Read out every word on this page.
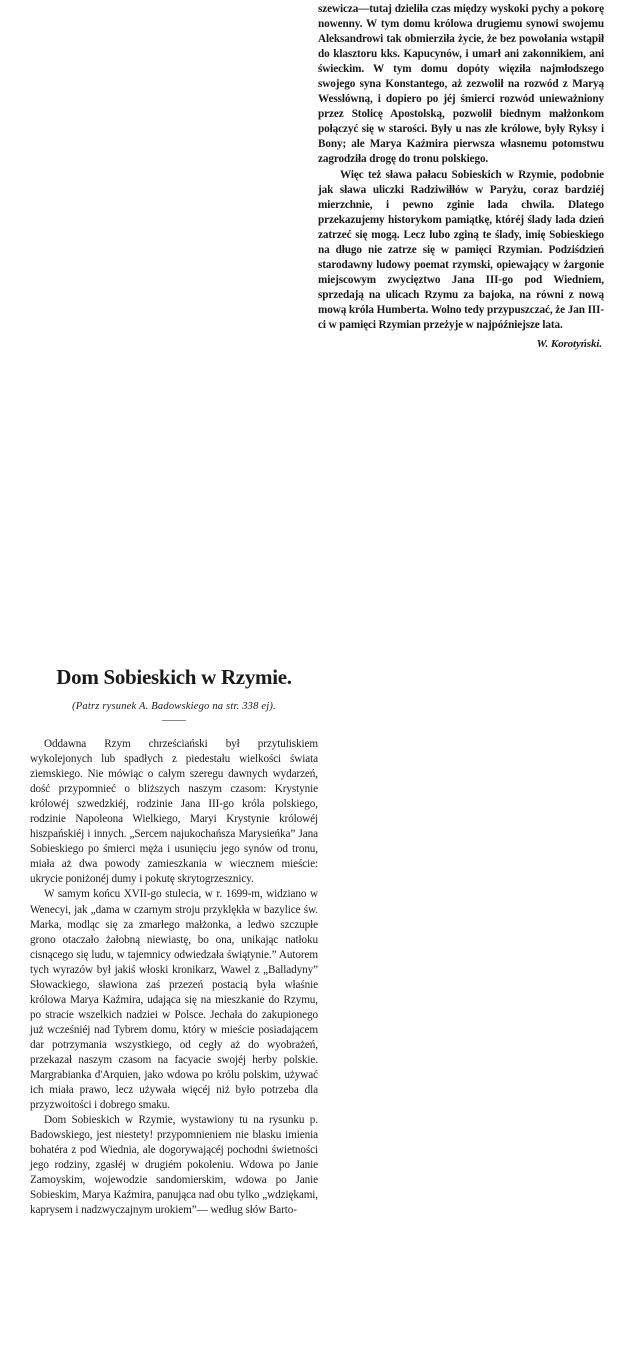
szewicza—tutaj dzieliła czas między wyskoki pychy a pokorę nowenny. W tym domu królowa drugiemu synowi swojemu Aleksandrowi tak obmierziła życie, że bez powołania wstąpił do klasztoru kks. Kapucynów, i umarł ani zakonnikiem, ani świeckim. W tym domu dopóty więziła najmłodszego swojego syna Konstantego, aż zezwolił na rozwód z Maryą Wesslówną, i dopiero po jéj śmierci rozwód unieważniony przez Stolicę Apostolską, pozwolił biednym małżonkom połączyć się w starości. Były u nas złe królowe, były Ryksy i Bony; ale Marya Kaźmira pierwsza własnemu potomstwu zagrodziła drogę do tronu polskiego.

Więc też sława pałacu Sobieskich w Rzymie, podobnie jak sława uliczki Radziwiłłów w Paryżu, coraz bardziéj mierzchnie, i pewno zginie lada chwila. Dlatego przekazujemy historykom pamiątkę, któréj ślady lada dzień zatrzeć się mogą. Lecz lubo zginą te ślady, imię Sobieskiego na długo nie zatrze się w pamięci Rzymian. Podziśdzień starodawny ludowy poemat rzymski, opiewający w żargonie miejscowym zwycięztwo Jana III-go pod Wiedniem, sprzedają na ulicach Rzymu za bajoka, na równi z nową mową króla Humberta. Wolno tedy przypuszczać, że Jan III-ci w pamięci Rzymian przeżyje w najpóźniejsze lata.

W. Korotyński.
Dom Sobieskich w Rzymie.
(Patrz rysunek A. Badowskiego na str. 338 ej).

Oddawna Rzym chrześciański był przytuliskiem wykolejonych lub spadłych z piedestału wielkości świata ziemskiego. Nie mówiąc o całym szeregu dawnych wydarzeń, dość przypomnieć o bliższych naszym czasom: Krystynie królowéj szwedzkiéj, rodzinie Jana III-go króla polskiego, rodzinie Napoleona Wielkiego, Maryi Krystynie królowéj hiszpańskiéj i innych. „Sercem najukochańsza Marysieńka” Jana Sobieskiego po śmierci męża i usunięciu jego synów od tronu, miała aż dwa powody zamieszkania w wiecznem mieście: ukrycie poniżonéj dumy i pokutę skrytogrzesznicy.

W samym końcu XVII-go stulecia, w r. 1699-m, widziano w Wenecyi, jak „dama w czarnym stroju przyklękła w bazylice św. Marka, modląc się za zmarłego małżonka, a ledwo szczupłe grono otaczało żałobną niewiastę, bo ona, unikając natłoku cisnącego się ludu, w tajemnicy odwiedzała świątynie.” Autorem tych wyrazów był jakiś włoski kronikarz, Wawel z „Balladyny” Słowackiego, sławiona zaś przezeń postacią była właśnie królowa Marya Kaźmira, udająca się na mieszkanie do Rzymu, po stracie wszelkich nadziei w Polsce. Jechała do zakupionego już wcześniéj nad Tybrem domu, który w mieście posiadającem dar potrzymania wszystkiego, od cegły aż do wyobrażeń, przekazał naszym czasom na facyacie swojéj herby polskie. Margrabianka d'Arquien, jako wdowa po królu polskim, używać ich miała prawo, lecz używała więcéj niż było potrzeba dla przyzwoitości i dobrego smaku.

Dom Sobieskich w Rzymie, wystawiony tu na rysunku p. Badowskiego, jest niestety! przypomnieniem nie blasku imienia bohatéra z pod Wiednia, ale dogorywającéj pochodni świetności jego rodziny, zgasłéj w drugiém pokoleniu. Wdowa po Janie Zamoyskim, wojewodzie sandomierskim, wdowa po Janie Sobieskim, Marya Kaźmira, panująca nad obu tylko „wdziękami, kaprysem i nadzwyczajnym urokiem”— według słów Barto-
